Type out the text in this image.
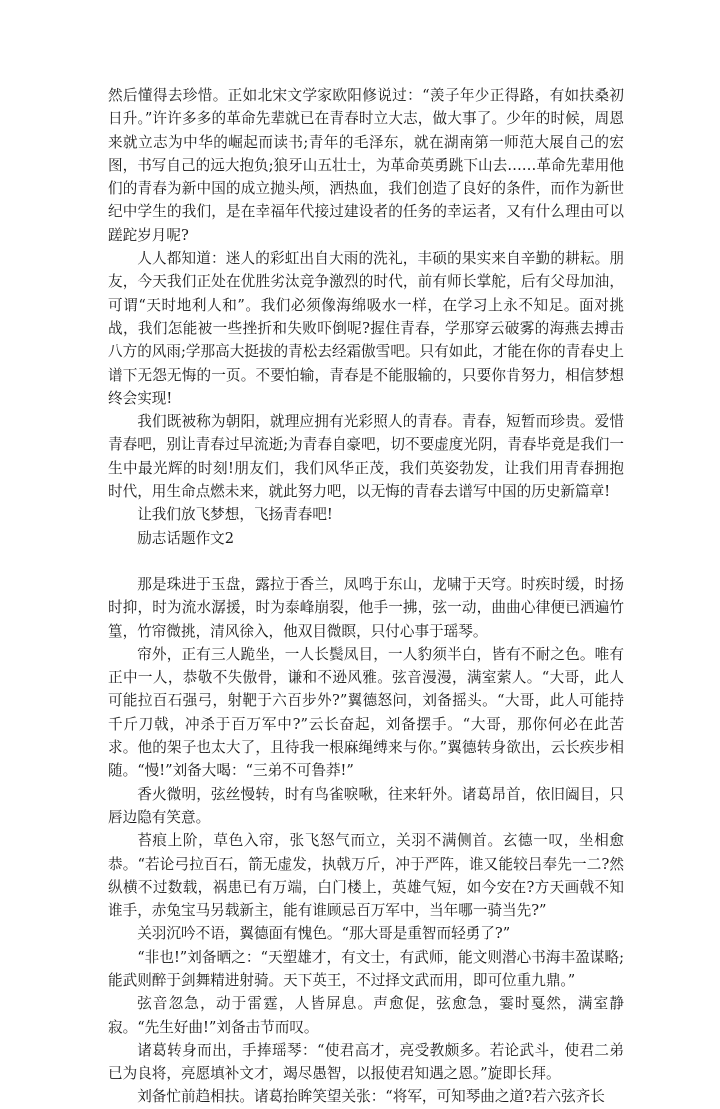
然后懂得去珍惜。正如北宋文学家欧阳修说过：“羡子年少正得路，有如扶桑初日升。”许许多多的革命先辈就已在青春时立大志，做大事了。少年的时候，周恩来就立志为中华的崛起而读书;青年的毛泽东，就在湖南第一师范大展自己的宏图，书写自己的远大抱负;狼牙山五壮士，为革命英勇跳下山去……革命先辈用他们的青春为新中国的成立抛头颅，洒热血，我们创造了良好的条件，而作为新世纪中学生的我们，是在幸福年代接过建设者的任务的幸运者，又有什么理由可以蹉跎岁月呢?

人人都知道：迷人的彩虹出自大雨的洗礼，丰硕的果实来自辛勤的耕耘。朋友，今天我们正处在优胜劣汰竞争激烈的时代，前有师长掌舵，后有父母加油，可谓“天时地利人和”。我们必须像海绵吸水一样，在学习上永不知足。面对挑战，我们怎能被一些挫折和失败吓倒呢?握住青春，学那穿云破雾的海燕去搏击八方的风雨;学那高大挺拔的青松去经霜傲雪吧。只有如此，才能在你的青春史上谱下无怨无悔的一页。不要怕输，青春是不能服输的，只要你肯努力，相信梦想终会实现!

我们既被称为朝阳，就理应拥有光彩照人的青春。青春，短暂而珍贵。爱惜青春吧，别让青春过早流逝;为青春自豪吧，切不要虚度光阴，青春毕竟是我们一生中最光辉的时刻!朋友们，我们风华正茂，我们英姿勃发，让我们用青春拥抱时代，用生命点燃未来，就此努力吧，以无悔的青春去谱写中国的历史新篇章!

让我们放飞梦想，飞扬青春吧!

励志话题作文2

那是珠进于玉盘，露拉于香兰，凤鸣于东山，龙啸于天穹。时疾时缓，时扬时抑，时为流水潺援，时为泰峰崩裂，他手一拂，弦一动，曲曲心律便已洒遍竹篁，竹帘微挑，清风徐入，他双目微瞑，只付心事于瑶琴。

帘外，正有三人跪坐，一人长鬓凤目，一人豹须半白，皆有不耐之色。唯有正中一人，恭敬不失傲骨，谦和不逊风雅。弦音漫漫，满室萦人。“大哥，此人可能拉百石强弓，射靶于六百步外?”翼德怒问，刘备摇头。“大哥，此人可能持千斤刀戟，冲杀于百万军中?”云长奋起，刘备摆手。“大哥，那你何必在此苦求。他的架子也太大了，且待我一根麻绳缚来与你。”翼德转身欲出，云长疾步相随。“慢!”刘备大喝：“三弟不可鲁莽!”

香火微明，弦丝慢转，时有鸟雀唳啾，往来轩外。诸葛昂首，依旧阖目，只唇边隐有笑意。

苔痕上阶，草色入帘，张飞怒气而立，关羽不满侧首。玄德一叹，坐相愈恭。“若论弓拉百石，箭无虚发，执戟万斤，冲于严阵，谁又能较吕奉先一二?然纵横不过数载，祸患已有万端，白门楼上，英雄气短，如今安在?方天画戟不知谁手，赤兔宝马另载新主，能有谁顾忌百万军中，当年哪一骑当先?”

关羽沉吟不语，翼德面有愧色。“那大哥是重智而轻勇了?”

“非也!”刘备晒之：“天塑雄才，有文士，有武师，能文则潜心书海丰盈谋略;能武则醉于剑舞精进射骑。天下英王，不过择文武而用，即可位重九鼎。”

弦音忽急，动于雷霆，人皆屏息。声愈促，弦愈急，霎时戛然，满室静寂。“先生好曲!”刘备击节而叹。

诸葛转身而出，手捧瑶琴：“使君高才，亮受教颇多。若论武斗，使君二弟已为良将，亮愿填补文才，竭尽愚智，以报使君知遇之恩。”旋即长拜。

刘备忙前趋相扶。诸葛抬眸笑望关张：“将军，可知琴曲之道?若六弦齐长
